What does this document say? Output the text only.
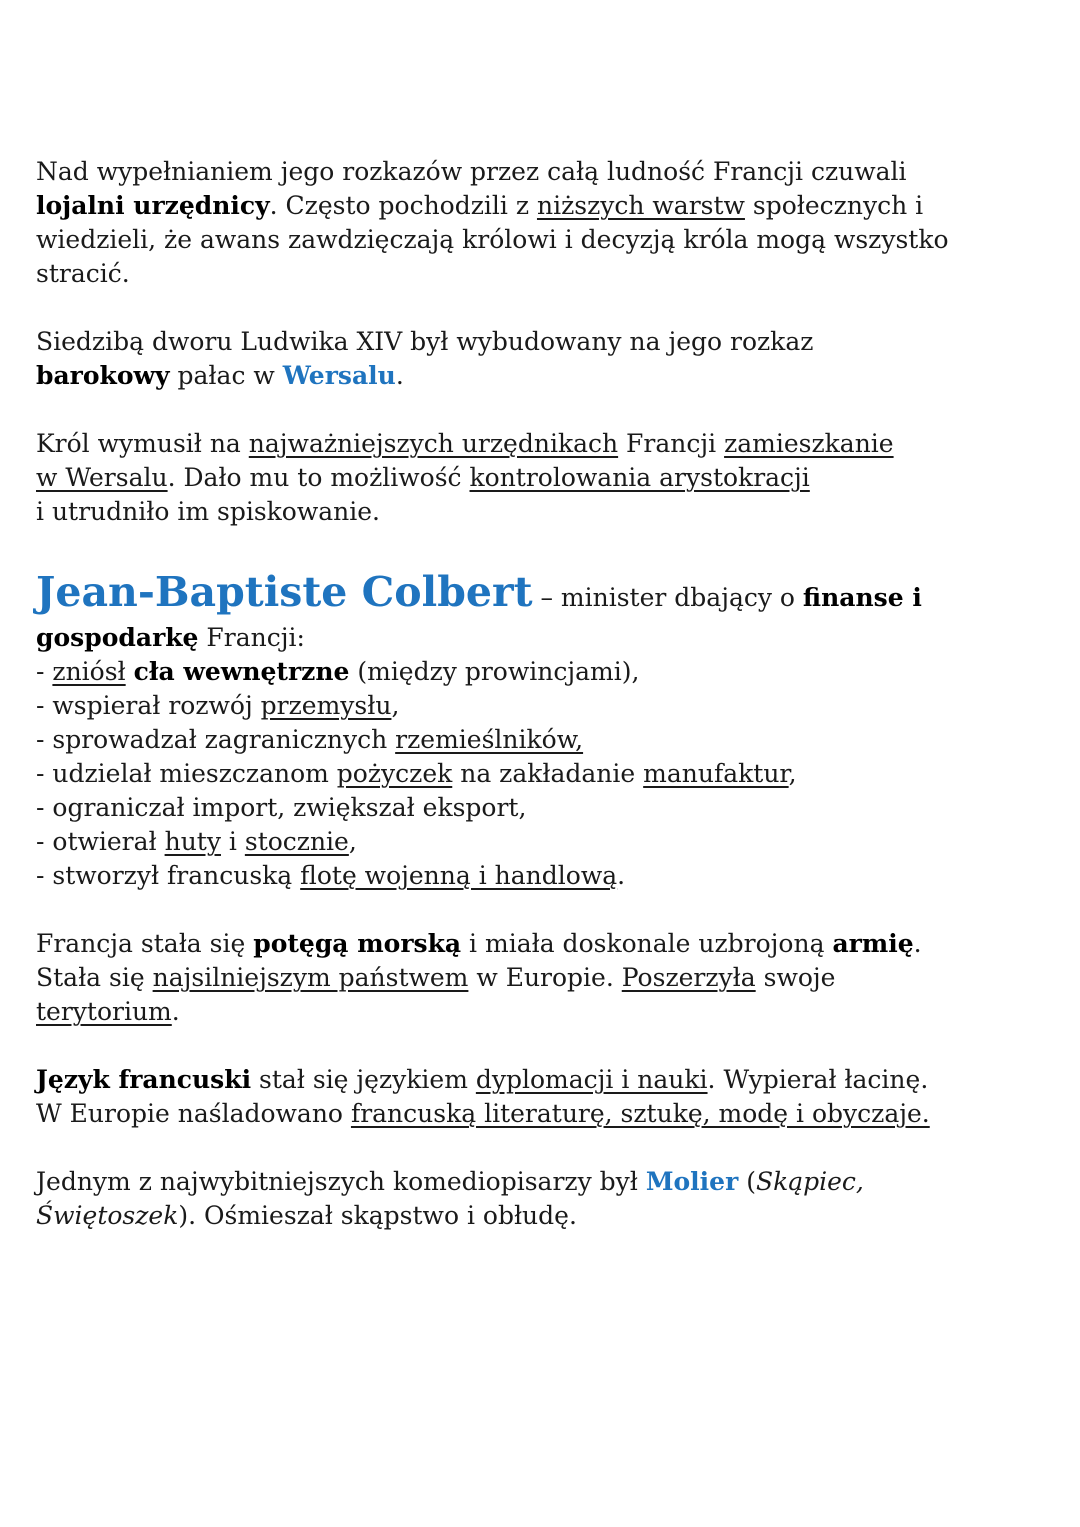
Nad wypełnianiem jego rozkazów przez całą ludność Francji czuwali
lojalni urzędnicy. Często pochodzili z niższych warstw społecznych i
wiedzieli, że awans zawdzięczają królowi i decyzją króla mogą wszystko
stracić.
Siedzibą dworu Ludwika XIV był wybudowany na jego rozkaz
barokowy pałac w Wersalu.
Król wymusił na najważniejszych urzędnikach Francji zamieszkanie
w Wersalu. Dało mu to możliwość kontrolowania arystokracji
i utrudniło im spiskowanie.
Jean-Baptiste Colbert – minister dbający o finanse i
gospodarkę Francji:
- zniósł cła wewnętrzne (między prowincjami),
- wspierał rozwój przemysłu,
- sprowadzał zagranicznych rzemieślników,
- udzielał mieszczanom pożyczek na zakładanie manufaktur,
- ograniczał import, zwiększał eksport,
- otwierał huty i stocznie,
- stworzył francuską flotę wojenną i handlową.
Francja stała się potęgą morską i miała doskonale uzbrojoną armię.
Stała się najsilniejszym państwem w Europie. Poszerzyła swoje
terytorium.
Język francuski stał się językiem dyplomacji i nauki. Wypierał łacinę.
W Europie naśladowano francuską literaturę, sztukę, modę i obyczaje.
Jednym z najwybitniejszych komediopisarzy był Molier (Skąpiec,
Świętoszek). Ośmieszał skąpstwo i obłudę.
